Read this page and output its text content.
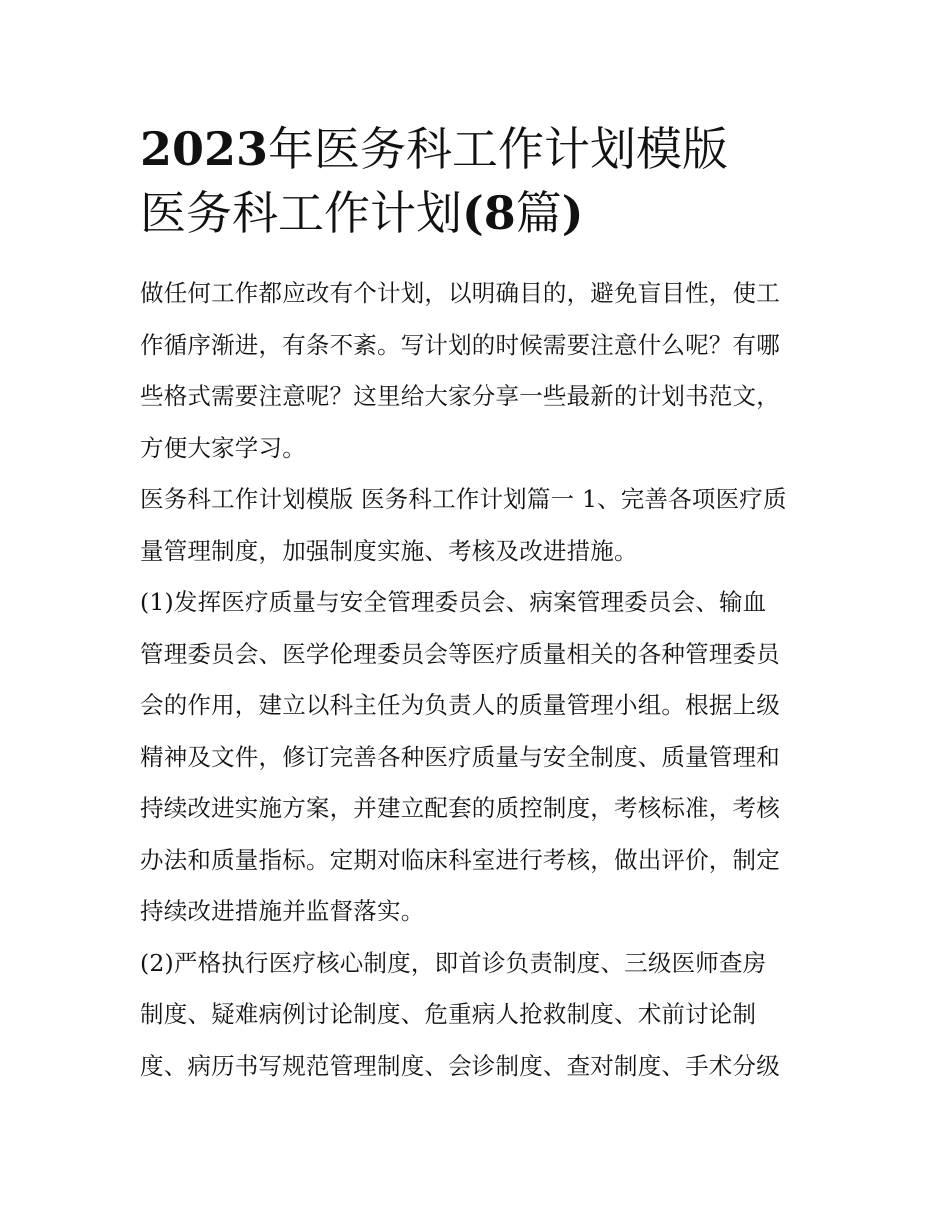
2023年医务科工作计划模版
医务科工作计划(8篇)

做任何工作都应改有个计划，以明确目的，避免盲目性，使工
作循序渐进，有条不紊。写计划的时候需要注意什么呢？有哪
些格式需要注意呢？这里给大家分享一些最新的计划书范文，
方便大家学习。

医务科工作计划模版 医务科工作计划篇一 1、完善各项医疗质
量管理制度，加强制度实施、考核及改进措施。

(1)发挥医疗质量与安全管理委员会、病案管理委员会、输血
管理委员会、医学伦理委员会等医疗质量相关的各种管理委员
会的作用，建立以科主任为负责人的质量管理小组。根据上级
精神及文件，修订完善各种医疗质量与安全制度、质量管理和
持续改进实施方案，并建立配套的质控制度，考核标准，考核
办法和质量指标。定期对临床科室进行考核，做出评价，制定
持续改进措施并监督落实。

(2)严格执行医疗核心制度，即首诊负责制度、三级医师查房
制度、疑难病例讨论制度、危重病人抢救制度、术前讨论制
度、病历书写规范管理制度、会诊制度、查对制度、手术分级
